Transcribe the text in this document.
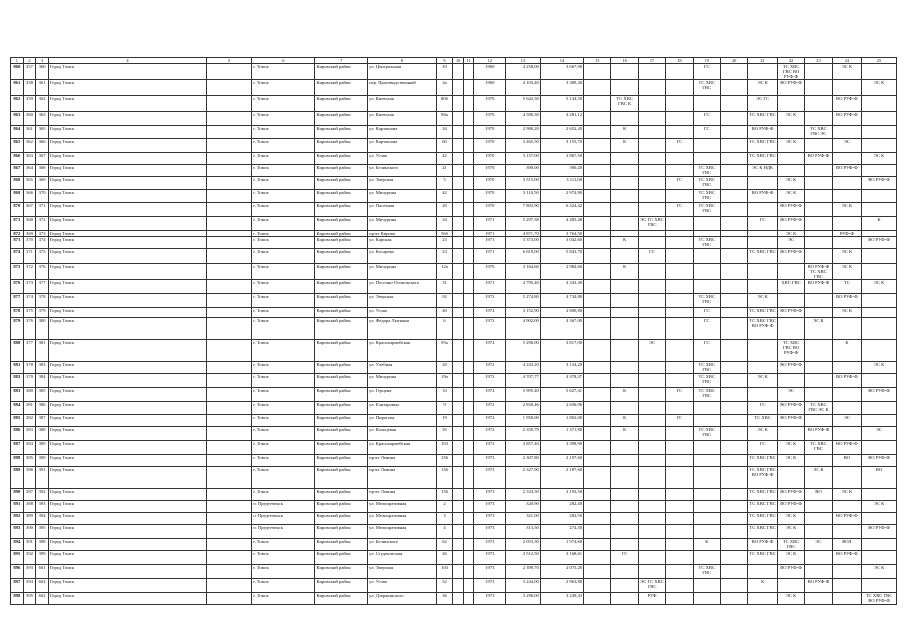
1	2	3	4	5	6	7	8	9	10	11	12	13	14	15	16	17	18	19	20	21	22	23	24	25
860	357	360	Город Томск		г. Томск	Кировский район	ул. Центральная	10			1969	4 258,00	3 667,90					ГС			ТС ХВС ГВС ВО РУФ-Ф		ЭС К	
861	358	361	Город Томск		г. Томск	Кировский район	пер. Производственный	4а			1969	4 103,40	3 389,40					ТС ХВС ГВС		ЭС К	ВО РУФ-Ф			ЭС К
862	359	362	Город Томск		г. Томск	Кировский район	ул. Киевская	80б			1970	5 642,30	5 134,50		ТС ХВС ГВС К					ЭС ГС			ВО РУФ-Ф	
863	360	363	Город Томск		г. Томск	Кировский район	ул. Киевская	86а			1970	4 580,30	4 281,12					ГС		ТС ХВС ГВС	ЭС К		ВО РУФ-Ф	
864	361	365	Город Томск		г. Томск	Кировский район	ул. Карташова	34			1970	2 980,20	2 652,20		К			ГС		ВО РУФ-Ф		ТС ХВС ГВС ЭС		
865	362	366	Город Томск		г. Томск	Кировский район	ул. Карташова	60			1970	3 465,50	3 155,70		К		ГС			ТС ХВС ГВС	ЭС К		ЭС	
866	363	367	Город Томск		г. Томск	Кировский район	ул. Усова	42			1970	3 157,00	2 867,50							ТС ХВС ГВС		ВО РУФ-Ф		ЭС К
867	364	368	Город Томск		г. Томск	Кировский район	ул. Белинского	21			1970	390,00	390,20					ТС ХВС ГВС		ЭС К НДК			ВО РУФ-Ф	
868	365	369	Город Томск		г. Томск	Кировский район	ул. Тверская	5			1970	3 515,00	3 111,00				ГС	ТС ХВС ГВС			ЭС К			ВО РУФ-Ф
869	366	370	Город Томск		г. Томск	Кировский район	ул. Мичурина	42			1970	3 110,50	2 974,90					ТС ХВС ГВС		ВО РУФ-Ф	ЭС К			
870	367	371	Город Томск		г. Томск	Кировский район	ул. Пасечная	20			1970	7 803,90	6 324,42				ГС	ТС ХВС ГВС			ВО РУФ-Ф		ЭС К	
871	368	372	Город Томск		г. Томск	Кировский район	ул. Мичурина	34			1971	5 297,38	4 485,48			ЭС ГС ХВС ГВС				ГС	ВО РУФ-Ф			К
872	369	373	Город Томск		г. Томск	Кировский район	пр-кт Кирова	56б			1971	4 871,70	3 764,50								ЭС К		РУФ-Ф	
873	370	374	Город Томск		г. Томск	Кировский район	ул. Карская	23			1971	3 373,00	3 042,60		К			ТС ХВС ГВС			ЭС			ВО РУФ-Ф
874	371	375	Город Томск		г. Томск	Кировский район	ул. Косарева	23			1971	6 619,00	5 843,70			ГС				ТС ХВС ГВС	ВО РУФ-Ф		ЭС К	
875	372	376	Город Томск		г. Томск	Кировский район	ул. Мичурина	12а			1970	3 164,60	2 984,60		К							ВО РУФ-Ф ТС ХВС ГВС	ЭС К	
876	373	377	Город Томск		г. Томск	Кировский район	ул. Песочно-Осиповского	31			1971	4 795,40	4 343,49								ХВС ГВС	ВО РУФ-Ф	ТС	ЭС К
877	374	378	Город Томск		г. Томск	Кировский район	ул. Тверская	92			1972	5 274,80	4 734,80					ТС ХВС ГВС		ЭС К			ВО РУФ-Ф	
878	375	379	Город Томск		г. Томск	Кировский район	ул. Усова	40			1972	3 152,90	2 800,80					ГС		ТС ХВС ГВС	ВО РУФ-Ф		ЭС К	
879	376	380	Город Томск		г. Томск	Кировский район	ул. Федора Лыткина	6			1972	4 902,00	4 367,00					ГС		ТС ХВС ГВС ВО РУФ-Ф		ЭС К		
880	377	381	Город Томск		г. Томск	Кировский район	ул. Красноармейская	95а			1972	5 296,00	3 817,00			ЭС		ГС			ТС ХВС ГВС ВО РУФ-Ф		К	
881	378	383	Город Томск		г. Томск	Кировский район	ул. Учебная	20			1972	4 243,20	3 134,20					ТС ХВС ГВС			ВО РУФ-Ф			ЭС К
882	379	384	Город Томск		г. Томск	Кировский район	ул. Мичурина	19а			1972	4 707,77	4 378,37					ТС ХВС ГВС		ЭС К			ВО РУФ-Ф	
883	380	385	Город Томск		г. Томск	Кировский район	ул. Герцена	33			1972	5 995,40	5 627,41		К		ГС	ТС ХВС ГВС			ЭС			ВО РУФ-Ф
884	381	386	Город Томск		г. Томск	Кировский район	ул. Елизаровых	9			1972	2 830,46	2 656,06							ГС	ВО РУФ-Ф	ТС ХВС ГВС ЭС К		
885	382	387	Город Томск		г. Томск	Кировский район	ул. Пирогова	19			1972	1 950,00	1 802,00		К		ГС			ТС ХВС	ВО РУФ-Ф		ЭС	
886	383	388	Город Томск		г. Томск	Кировский район	ул. Кольцевая	35			1972	2 350,79	1 371,80		К			ТС ХВС ГВС		ЭС К		ВО РУФ-Ф		ЭС
887	384	389	Город Томск		г. Томск	Кировский район	ул. Красноармейская	103			1972	3 857,40	3 398,90							ГС	ЭС К	ТС ХВС ГВС	ВО РУФ-Ф	
888	385	390	Город Томск		г. Томск	Кировский район	пр-кт Ленина	156			1973	2 307,80	2 197,60							ТС ХВС ГВС	ЭС К		ВО	ВО РУФ-Ф
889	386	391	Город Томск		г. Томск	Кировский район	пр-кт Ленина	156			1973	2 327,90	2 187,60							ТС ХВС ГВС ВО РУФ-Ф		ЭС К		ВО
890	387	392	Город Томск		г. Томск	Кировский район	пр-кт Ленина	156			1973	2 333,50	2 193,50							ТС ХВС ГВС	ВО РУФ-Ф	ВО	ЭС К	
891	388	393	Город Томск		п. Предтеченск	Кировский район	ул. Мелиоративная	2			1973	320,90	282,40							ТС ХВС ГВС	ВО РУФ-Ф			ЭС К
892	389	394	Город Томск		п. Предтеченск	Кировский район	ул. Мелиоративная	3			1973	321,00	282,50							ТС ХВС ГВС	ЭС К		ВО РУФ-Ф	
893	390	395	Город Томск		п. Предтеченск	Кировский район	ул. Мелиоративная	4			1973	313,50	274,30							ТС ХВС ГВС	ЭС К			ВО РУФ-Ф
894	391	398	Город Томск		г. Томск	Кировский район	ул. Белинского	62			1973	2 053,30	1 974,60					К		ВО РУФ-Ф	ТС ХВС ГВС	ЭС	ВОЛ	
895	392	399	Город Томск		г. Томск	Кировский район	ул. Студенческая	26			1973	3 512,50	3 168,61		ГС					ТС ХВС ГВС	ЭС К		ВО РУФ-Ф	
896	393	601	Город Томск		г. Томск	Кировский район	ул. Тверская	103			1973	2 399,70	2 075,20					ТС ХВС ГВС			ВО РУФ-Ф			ЭС К
897	394	602	Город Томск		г. Томск	Кировский район	ул. Усова	32			1973	3 244,00	2 963,80			ЭС ГС ХВС ГВС				К		ВО РУФ-Ф		
898	395	602	Город Томск		г. Томск	Кировский район	ул. Дзержинского	36			1973	3 296,00	3 249,43			РУФ					ЭС К			ТС ХВС ГВС ВО РУФ-Ф
